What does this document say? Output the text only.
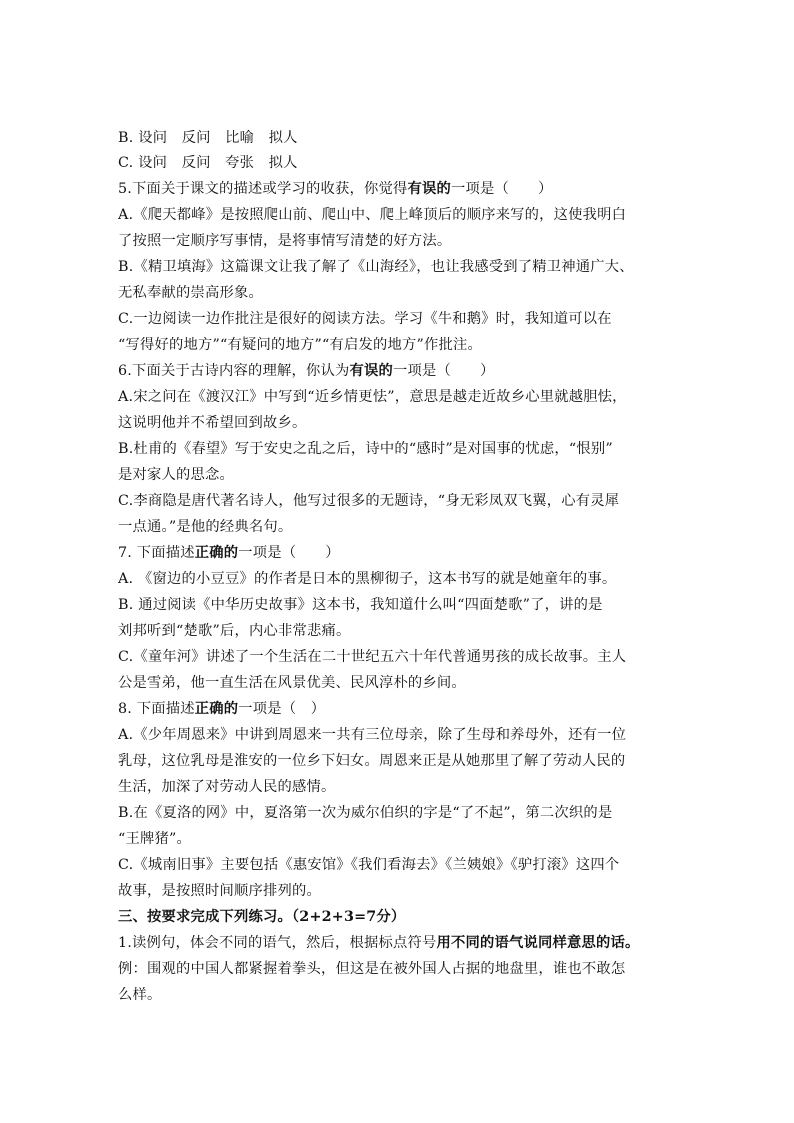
B. 设问　反问　比喻　拟人
C. 设问　反问　夸张　拟人
5.下面关于课文的描述或学习的收获，你觉得有误的一项是（　　）
A.《爬天都峰》是按照爬山前、爬山中、爬上峰顶后的顺序来写的，这使我明白
了按照一定顺序写事情，是将事情写清楚的好方法。
B.《精卫填海》这篇课文让我了解了《山海经》，也让我感受到了精卫神通广大、
无私奉献的崇高形象。
C.一边阅读一边作批注是很好的阅读方法。学习《牛和鹅》时，我知道可以在
“写得好的地方”“有疑问的地方”“有启发的地方”作批注。
6.下面关于古诗内容的理解，你认为有误的一项是（　　）
A.宋之问在《渡汉江》中写到“近乡情更怯”，意思是越走近故乡心里就越胆怯，
这说明他并不希望回到故乡。
B.杜甫的《春望》写于安史之乱之后，诗中的“感时”是对国事的忧虑，“恨别”
是对家人的思念。
C.李商隐是唐代著名诗人，他写过很多的无题诗，“身无彩凤双飞翼，心有灵犀
一点通。”是他的经典名句。
7. 下面描述正确的一项是（　　）
A. 《窗边的小豆豆》的作者是日本的黑柳彻子，这本书写的就是她童年的事。
B. 通过阅读《中华历史故事》这本书，我知道什么叫“四面楚歌”了，讲的是
刘邦听到“楚歌”后，内心非常悲痛。
C.《童年河》讲述了一个生活在二十世纪五六十年代普通男孩的成长故事。主人
公是雪弟，他一直生活在风景优美、民风淳朴的乡间。
8. 下面描述正确的一项是（　）
A.《少年周恩来》中讲到周恩来一共有三位母亲，除了生母和养母外，还有一位
乳母，这位乳母是淮安的一位乡下妇女。周恩来正是从她那里了解了劳动人民的
生活，加深了对劳动人民的感情。
B.在《夏洛的网》中，夏洛第一次为威尔伯织的字是“了不起”，第二次织的是
“王牌猪”。
C.《城南旧事》主要包括《惠安馆》《我们看海去》《兰姨娘》《驴打滚》这四个
故事，是按照时间顺序排列的。
三、按要求完成下列练习。（2+2+3=7分）
1.读例句，体会不同的语气，然后，根据标点符号用不同的语气说同样意思的话。
例：围观的中国人都紧握着拳头，但这是在被外国人占据的地盘里，谁也不敢怎
么样。
